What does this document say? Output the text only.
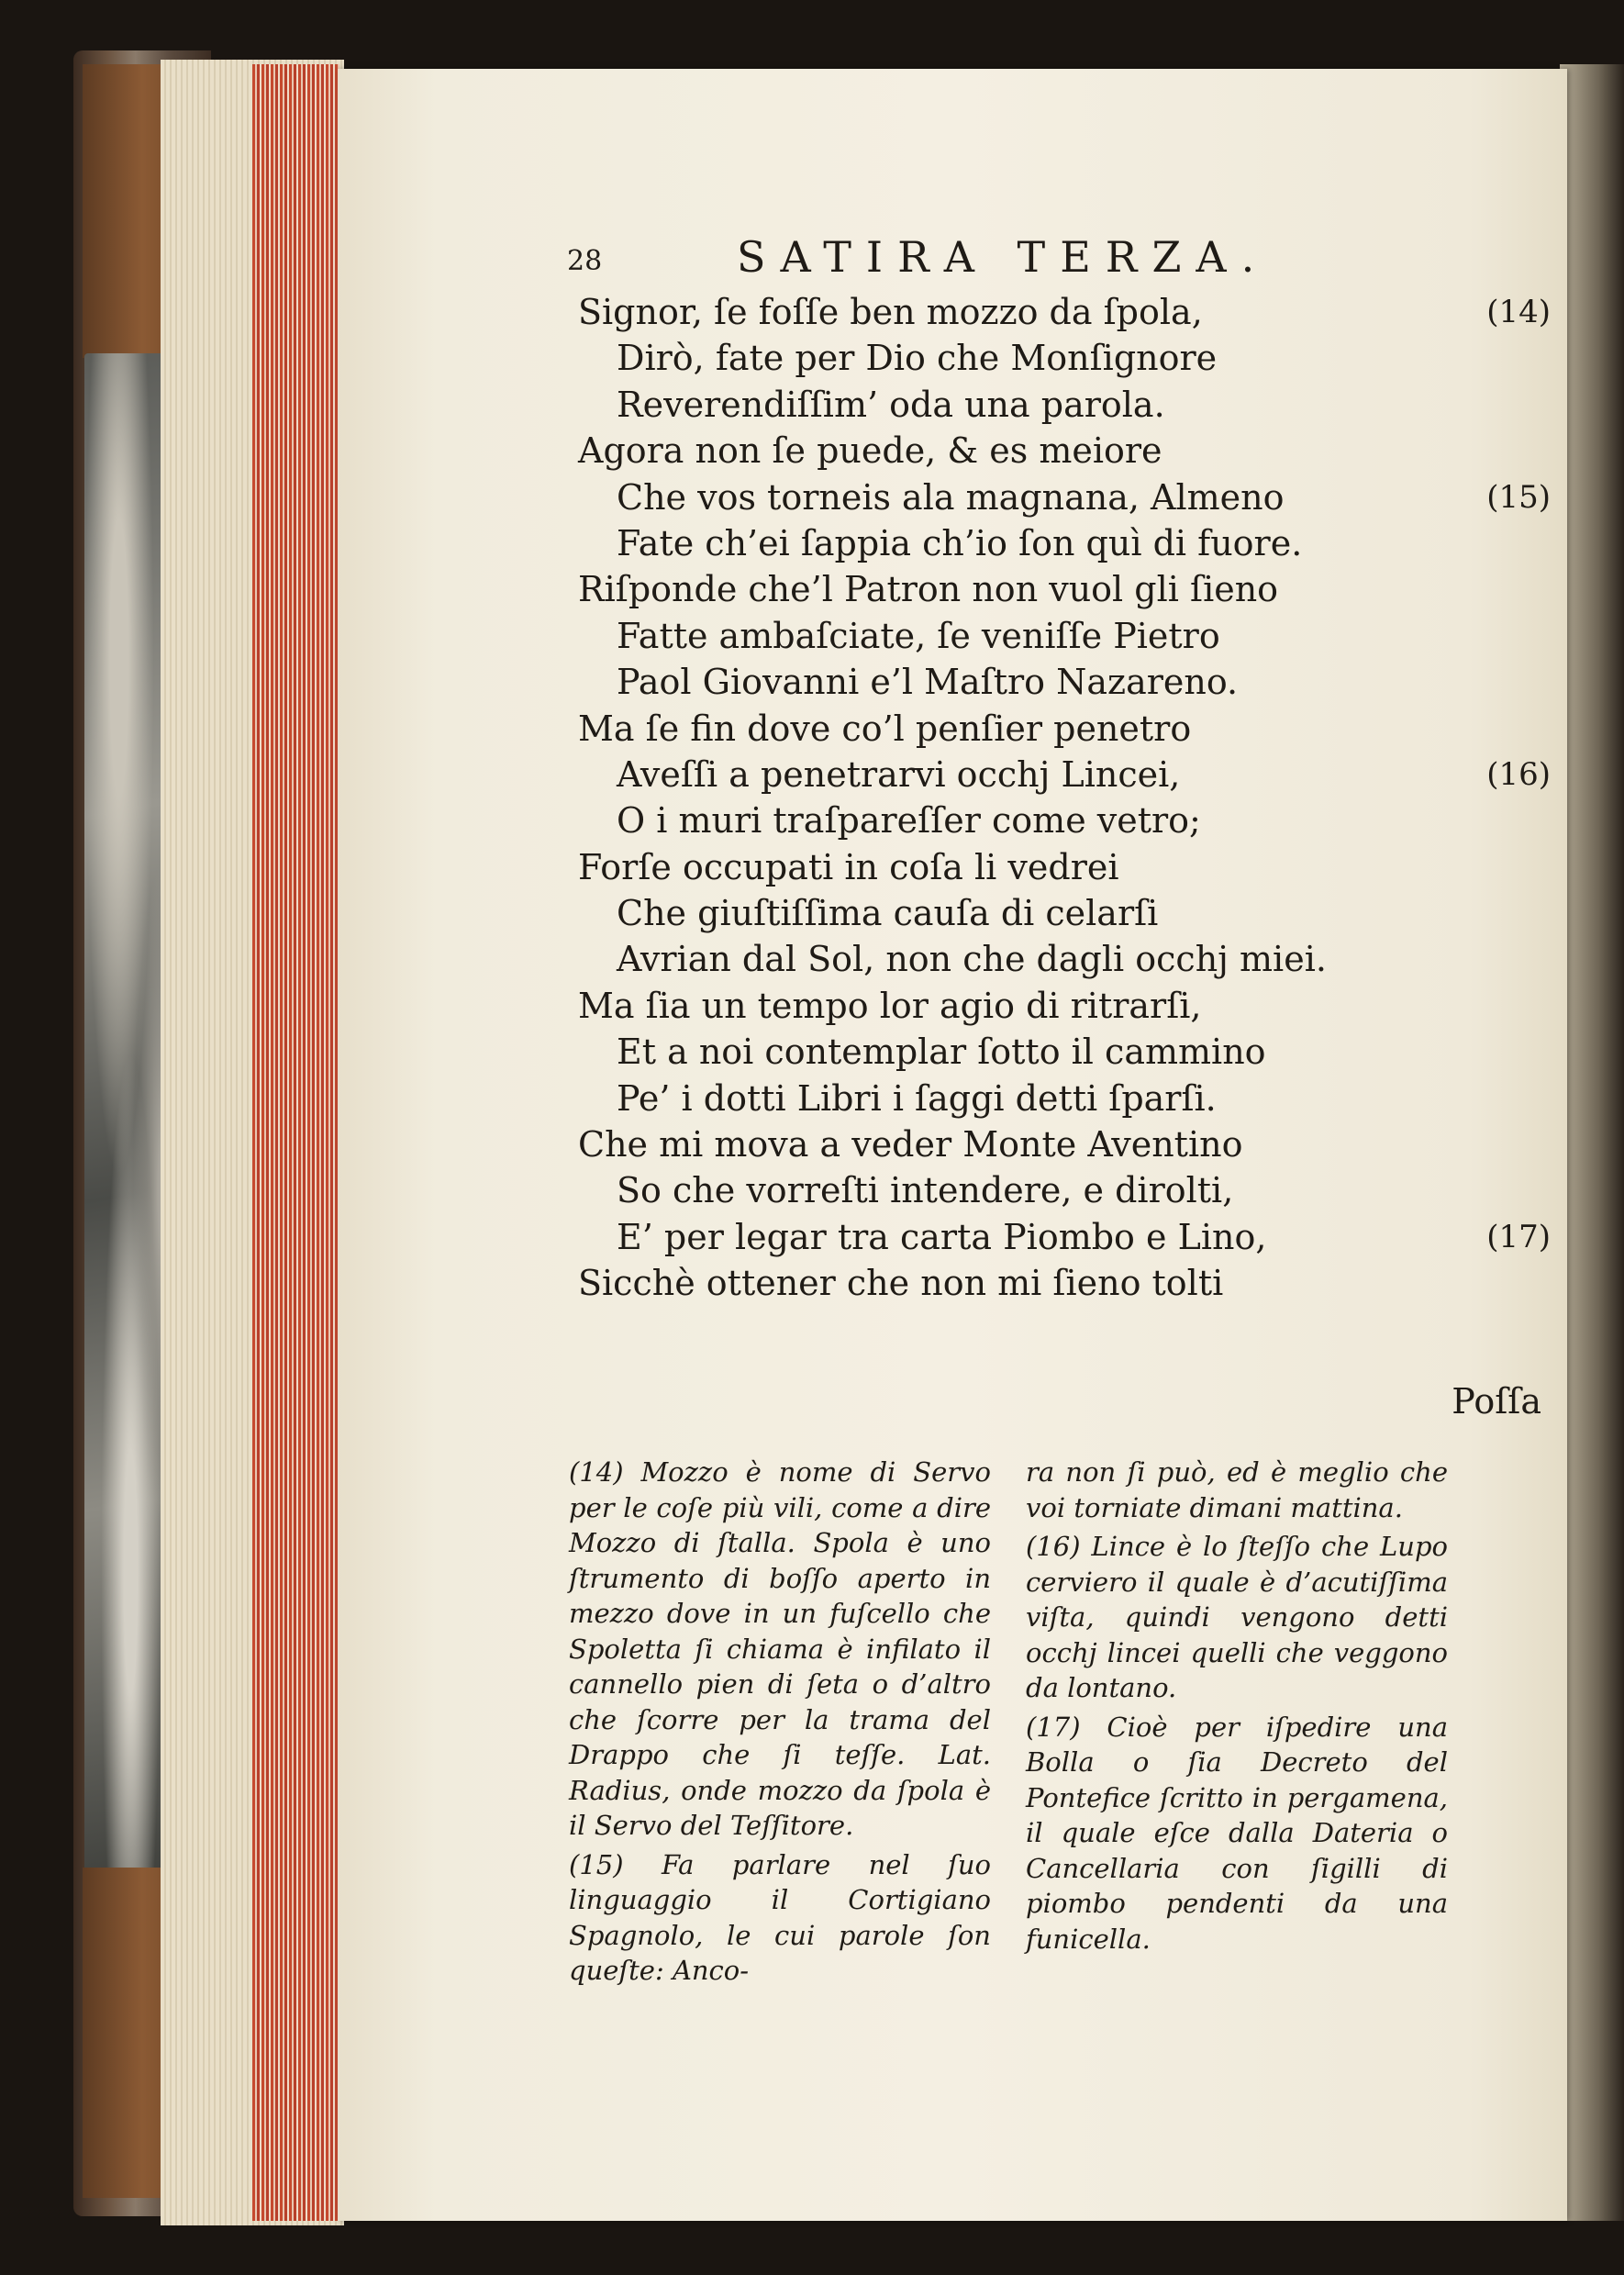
28	SATIRA TERZA.
Signor, ſe foſſe ben mozzo da ſpola,	(14)
Dirò, fate per Dio che Monſignore
Reverendiſſim’ oda una parola.
Agora non ſe puede, & es meiore
Che vos torneis ala magnana, Almeno	(15)
Fate ch’ei ſappia ch’io ſon quì di fuore.
Riſponde che’l Patron non vuol gli ſieno
Fatte ambaſciate, ſe veniſſe Pietro
Paol Giovanni e’l Maſtro Nazareno.
Ma ſe fin dove co’l penſier penetro
Aveſſi a penetrarvi occhj Lincei,	(16)
O i muri traſpareſſer come vetro;
Forſe occupati in coſa li vedrei
Che giuſtiſſima cauſa di celarſi
Avrian dal Sol, non che dagli occhj miei.
Ma ſia un tempo lor agio di ritrarſi,
Et a noi contemplar ſotto il cammino
Pe’ i dotti Libri i ſaggi detti ſparſi.
Che mi mova a veder Monte Aventino
So che vorreſti intendere, e dirolti,
E’ per legar tra carta Piombo e Lino,	(17)
Sicchè ottener che non mi ſieno tolti
Poſſa

(14) Mozzo è nome di Servo per le coſe più vili, come a dire Mozzo di ſtalla. Spola è uno ſtrumento di boſſo aperto in mezzo dove in un fuſcello che Spoletta ſi chiama è infilato il cannello pien di ſeta o d’altro che ſcorre per la trama del Drappo che ſi teſſe. Lat. Radius, onde mozzo da ſpola è il Servo del Teſſitore.

(15) Fa parlare nel ſuo linguaggio il Cortigiano Spagnolo, le cui parole ſon queſte: Anco-

ra non ſi può, ed è meglio che voi torniate dimani mattina.

(16) Lince è lo ſteſſo che Lupo cerviero il quale è d’acutiſſima viſta, quindi vengono detti occhj lincei quelli che veggono da lontano.

(17) Cioè per iſpedire una Bolla o ſia Decreto del Pontefice ſcritto in pergamena, il quale eſce dalla Dateria o Cancellaria con ſigilli di piombo pendenti da una funicella.
